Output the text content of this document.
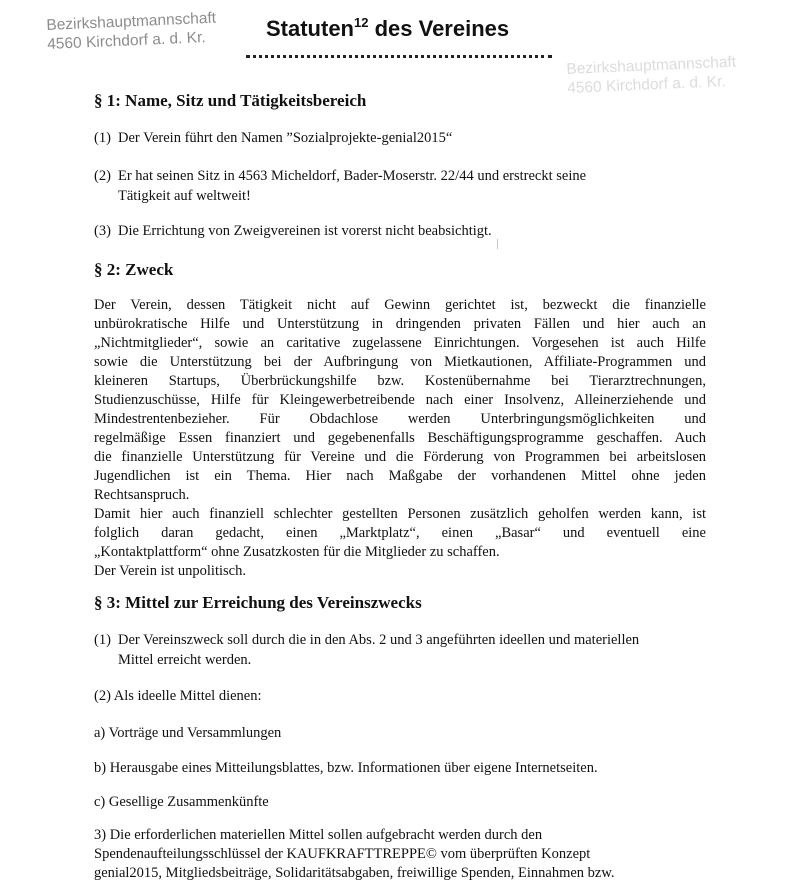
Bezirkshauptmannschaft
4560 Kirchdorf a. d. Kr.
Bezirkshauptmannschaft
4560 Kirchdorf a. d. Kr.
Statuten$^{12}$ des Vereines
§ 1: Name, Sitz und Tätigkeitsbereich
(1) Der Verein führt den Namen ”Sozialprojekte-genial2015“
(2) Er hat seinen Sitz in 4563 Micheldorf, Bader-Moserstr. 22/44 und erstreckt seine
Tätigkeit auf weltweit!
(3) Die Errichtung von Zweigvereinen ist vorerst nicht beabsichtigt.
§ 2: Zweck
Der Verein, dessen Tätigkeit nicht auf Gewinn gerichtet ist, bezweckt die finanzielle
unbürokratische Hilfe und Unterstützung in dringenden privaten Fällen und hier auch an
„Nichtmitglieder“, sowie an caritative zugelassene Einrichtungen. Vorgesehen ist auch Hilfe
sowie die Unterstützung bei der Aufbringung von Mietkautionen, Affiliate-Programmen und
kleineren Startups, Überbrückungshilfe bzw. Kostenübernahme bei Tierarztrechnungen,
Studienzuschüsse, Hilfe für Kleingewerbetreibende nach einer Insolvenz, Alleinerziehende und
Mindestrentenbezieher. Für Obdachlose werden Unterbringungsmöglichkeiten und
regelmäßige Essen finanziert und gegebenenfalls Beschäftigungsprogramme geschaffen. Auch
die finanzielle Unterstützung für Vereine und die Förderung von Programmen bei arbeitslosen
Jugendlichen ist ein Thema. Hier nach Maßgabe der vorhandenen Mittel ohne jeden
Rechtsanspruch.
Damit hier auch finanziell schlechter gestellten Personen zusätzlich geholfen werden kann, ist
folglich daran gedacht, einen „Marktplatz“, einen „Basar“ und eventuell eine
„Kontaktplattform“ ohne Zusatzkosten für die Mitglieder zu schaffen.
Der Verein ist unpolitisch.
§ 3: Mittel zur Erreichung des Vereinszwecks
(1) Der Vereinszweck soll durch die in den Abs. 2 und 3 angeführten ideellen und materiellen
Mittel erreicht werden.

(2) Als ideelle Mittel dienen:

a) Vorträge und Versammlungen

b) Herausgabe eines Mitteilungsblattes, bzw. Informationen über eigene Internetseiten.

c) Gesellige Zusammenkünfte

3) Die erforderlichen materiellen Mittel sollen aufgebracht werden durch den
Spendenaufteilungsschlüssel der KAUFKRAFTTREPPE© vom überprüften Konzept
genial2015, Mitgliedsbeiträge, Solidaritätsabgaben, freiwillige Spenden, Einnahmen bzw.
